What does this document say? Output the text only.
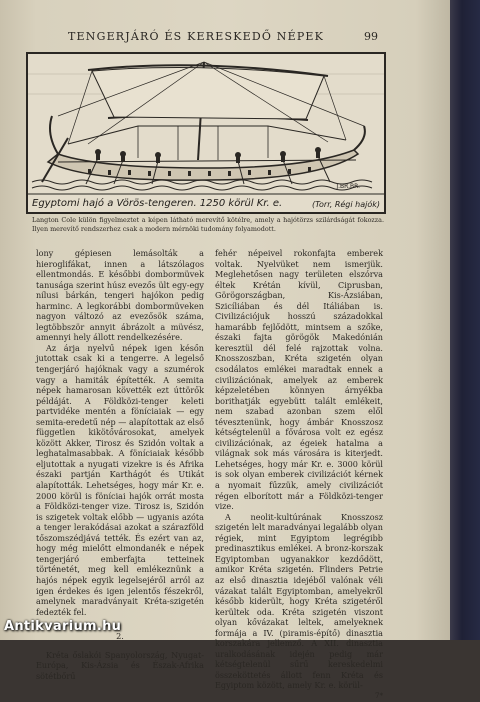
TENGERJÁRÓ ÉS KERESKEDŐ NÉPEK	99
J.BR.BR.
Egyptomi hajó a Vörös-tengeren. 1250 körül Kr. e.	(Torr, Régi hajók)
Langton Cole külön figyelmeztet a képen látható merevítő kötélre, amely a hajótörzs szilárdságát fokozza. Ilyen merevítő rendszerhez csak a modern mérnöki tudomány folyamodott.

lony gépiesen lemásolták a hieroglifákat, innen a látszólagos ellentmondás. E későbbi dombormüvek tanusága szerint húsz evezős ült egy-egy nílusi bárkán, tengeri hajókon pedig harminc. A legkorábbi dombormüveken nagyon változó az evezősök száma, legtöbbször annyit ábrázolt a müvész, amennyi hely állott rendelkezésére.

Az árja nyelvű népek igen későn jutottak csak ki a tengerre. A legelső tengerjáró hajóknak vagy a szumérok vagy a hamiták építették. A semita népek hamarosan követték ezt úttörők példáját. A Földközi-tenger keleti partvidéke mentén a föníciaiak — egy semita-eredetű nép — alapítottak az első független kikötővárosokat, amelyek között Akker, Tirosz és Szidón voltak a leghatalmasabbak. A föníciaiak később eljutottak a nyugati vizekre is és Afrika északi partján Karthágót és Utikát alapították. Lehetséges, hogy már Kr. e. 2000 körül is föníciai hajók orrát mosta a Földközi-tenger vize. Tirosz is, Szidón is szigetek voltak előbb — ugyanis azóta a tenger lerakódásai azokat a szárazföld tőszomszédjává tették. És ezért van az, hogy még mielőtt elmondanék e népek tengerjáró emberfajta tetteinek történetét, meg kell emlékeznünk a hajós népek egyik legelsejéről arról az igen érdekes és igen jelentős fészekről, amelynek maradványait Kréta-szigetén fedezték fel.

2.

Kréta őslakói Spanyolország, Nyugat-Európa, Kis-Ázsia és Észak-Afrika sötétbőrű

fehér népeivel rokonfajta emberek voltak. Nyelvüket nem ismerjük. Meglehetősen nagy területen elszórva éltek Krétán kívül, Ciprusban, Görögországban, Kis-Ázsiában, Szicíliában és dél Itáliában is. Civilizációjuk hosszú századokkal hamarább fejlődött, mintsem a szőke, északi fajta görögök Makedónián keresztül dél felé rajzottak volna. Knosszoszban, Kréta szigetén olyan csodálatos emlékei maradtak ennek a civilizációnak, amelyek az emberek képzeletében könnyen árnyékba borithatják egyebütt talált emlékeit, nem szabad azonban szem elől tévesztenünk, hogy ámbár Knosszosz kétségtelenül a fővárosa volt ez egész civilizációnak, az égeiek hatalma a világnak sok más városára is kiterjedt. Lehetséges, hogy már Kr. e. 3000 körül is sok olyan emberek civilizációt kérnek a nyomait fűzzük, amely civilizációt régen elborított már a Földközi-tenger vize.

A neolit-kultúrának Knosszosz szigetén lelt maradványai legalább olyan régiek, mint Egyiptom legrégibb predinasztikus emlékei. A bronz-korszak Egyiptomban ugyanakkor kezdődött, amikor Kréta szigetén. Flinders Petrie az első dinasztia idejéből valónak véli vázakat talált Egyiptomban, amelyekről később kiderült, hogy Kréta szigetéről kerültek oda. Kréta szigetén viszont olyan kővázakat leltek, amelyeknek formája a IV. (piramis-építő) dinasztia korszakára jellemző. A XII. dinasztia uralkodásának idején pedig már kétségtelenül sűrű kereskedelmi összeköttetés állott fenn Kréta és Egyiptom között, amely Kr. e. körül-

7*

Antikvarium.hu
